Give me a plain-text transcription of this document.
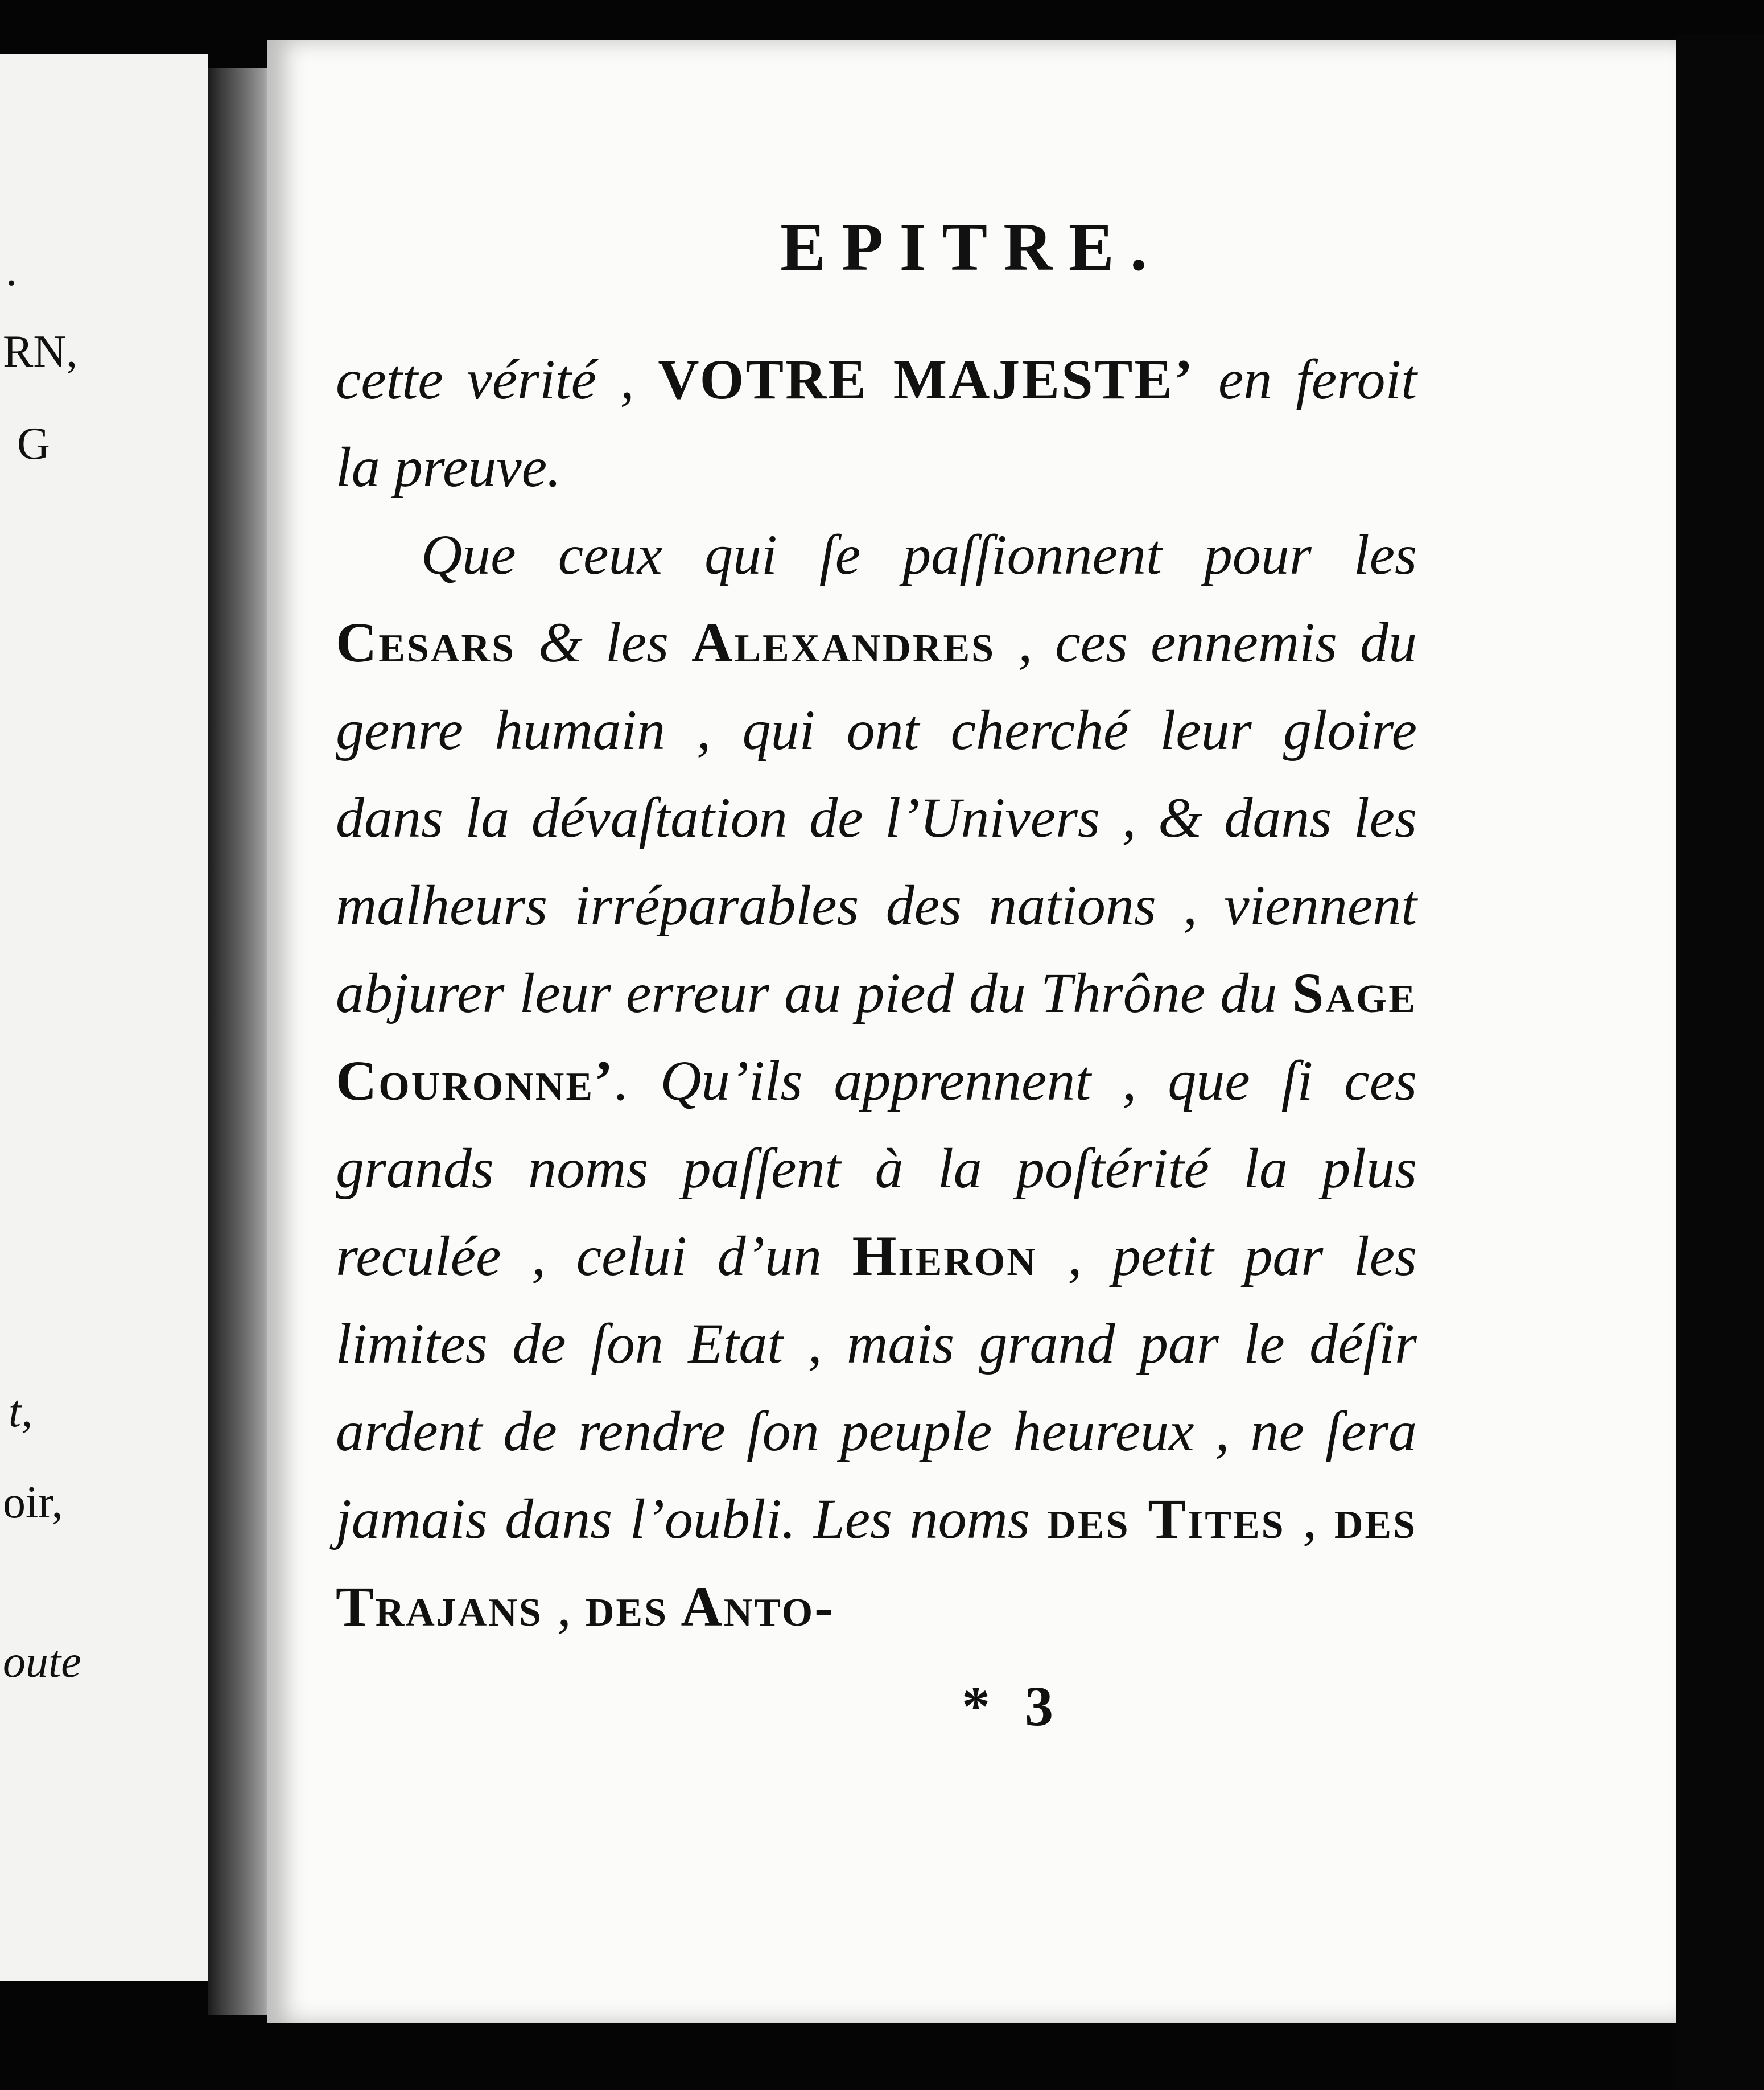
.
RN,
G
t,
oir,
oute
EPITRE.

cette vérité , VOTRE MAJESTE’ en feroit la preuve.

Que ceux qui ſe paſſionnent pour les Cesars & les Alexandres , ces ennemis du genre humain , qui ont cherché leur gloire dans la dévaſtation de l’Univers , & dans les malheurs irréparables des nations , viennent abjurer leur erreur au pied du Thrône du Sage Couronne’. Qu’ils apprennent , que ſi ces grands noms paſſent à la poſtérité la plus reculée , celui d’un Hieron , petit par les limites de ſon Etat , mais grand par le déſir ardent de rendre ſon peuple heureux , ne ſera jamais dans l’oubli. Les noms des Tites , des Trajans , des Anto-

* 3
